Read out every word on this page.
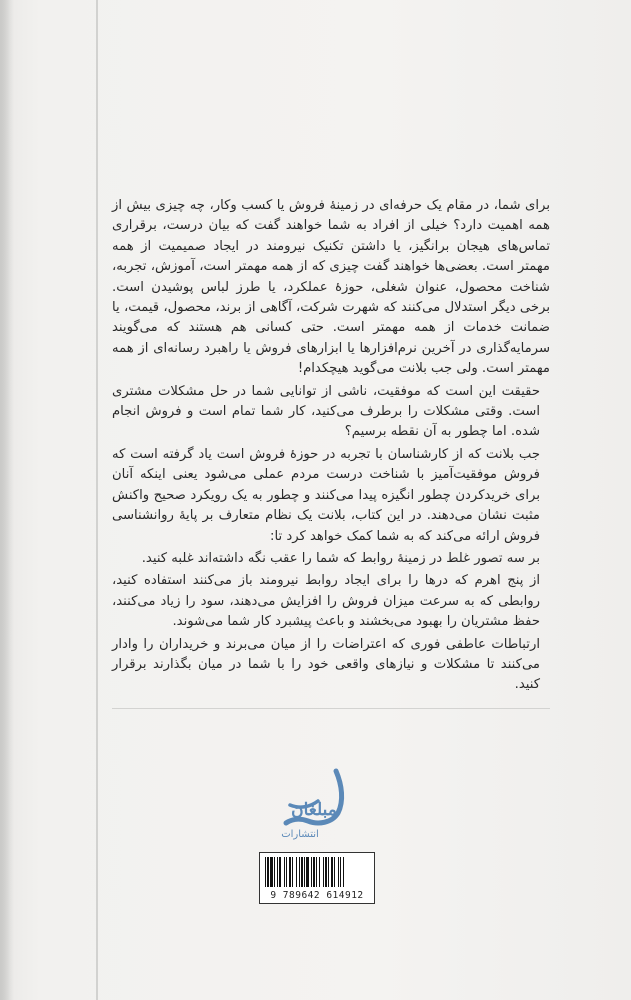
برای شما، در مقام یک حرفه‌ای در زمینهٔ فروش یا کسب وکار، چه چیزی بیش از همه اهمیت دارد؟ خیلی از افراد به شما خواهند گفت که بیان درست، برقراری تماس‌های هیجان برانگیز، یا داشتن تکنیک نیرومند در ایجاد صمیمیت از همه مهمتر است. بعضی‌ها خواهند گفت چیزی که از همه مهمتر است، آموزش، تجربه، شناخت محصول، عنوان شغلی، حوزهٔ عملکرد، یا طرز لباس پوشیدن است. برخی دیگر استدلال می‌کنند که شهرت شرکت، آگاهی از برند، محصول، قیمت، یا ضمانت خدمات از همه مهمتر است. حتی کسانی هم هستند که می‌گویند سرمایه‌گذاری در آخرین نرم‌افزارها یا ابزارهای فروش یا راهبرد رسانه‌ای از همه مهمتر است. ولی جب بلانت می‌گوید هیچکدام!

حقیقت این است که موفقیت، ناشی از توانایی شما در حل مشکلات مشتری است. وقتی مشکلات را برطرف می‌کنید، کار شما تمام است و فروش انجام شده. اما چطور به آن نقطه برسیم؟

جب بلانت که از کارشناسان با تجربه در حوزهٔ فروش است یاد گرفته است که فروش موفقیت‌آمیز با شناخت درست مردم عملی می‌شود یعنی اینکه آنان برای خریدکردن چطور انگیزه پیدا می‌کنند و چطور به یک رویکرد صحیح واکنش مثبت نشان می‌دهند. در این کتاب، بلانت یک نظام متعارف بر پایهٔ روانشناسی فروش ارائه می‌کند که به شما کمک خواهد کرد تا:

بر سه تصور غلط در زمینهٔ روابط که شما را عقب نگه داشته‌اند غلبه کنید.

از پنج اهرم که درها را برای ایجاد روابط نیرومند باز می‌کنند استفاده کنید، روابطی که به سرعت میزان فروش را افزایش می‌دهند، سود را زیاد می‌کنند، حفظ مشتریان را بهبود می‌بخشند و باعث پیشبرد کار شما می‌شوند.

ارتباطات عاطفی فوری که اعتراضات را از میان می‌برند و خریداران را وادار می‌کنند تا مشکلات و نیازهای واقعی خود را با شما در میان بگذارند برقرار کنید.

مبلغان
انتشارات
9 789642 614912
